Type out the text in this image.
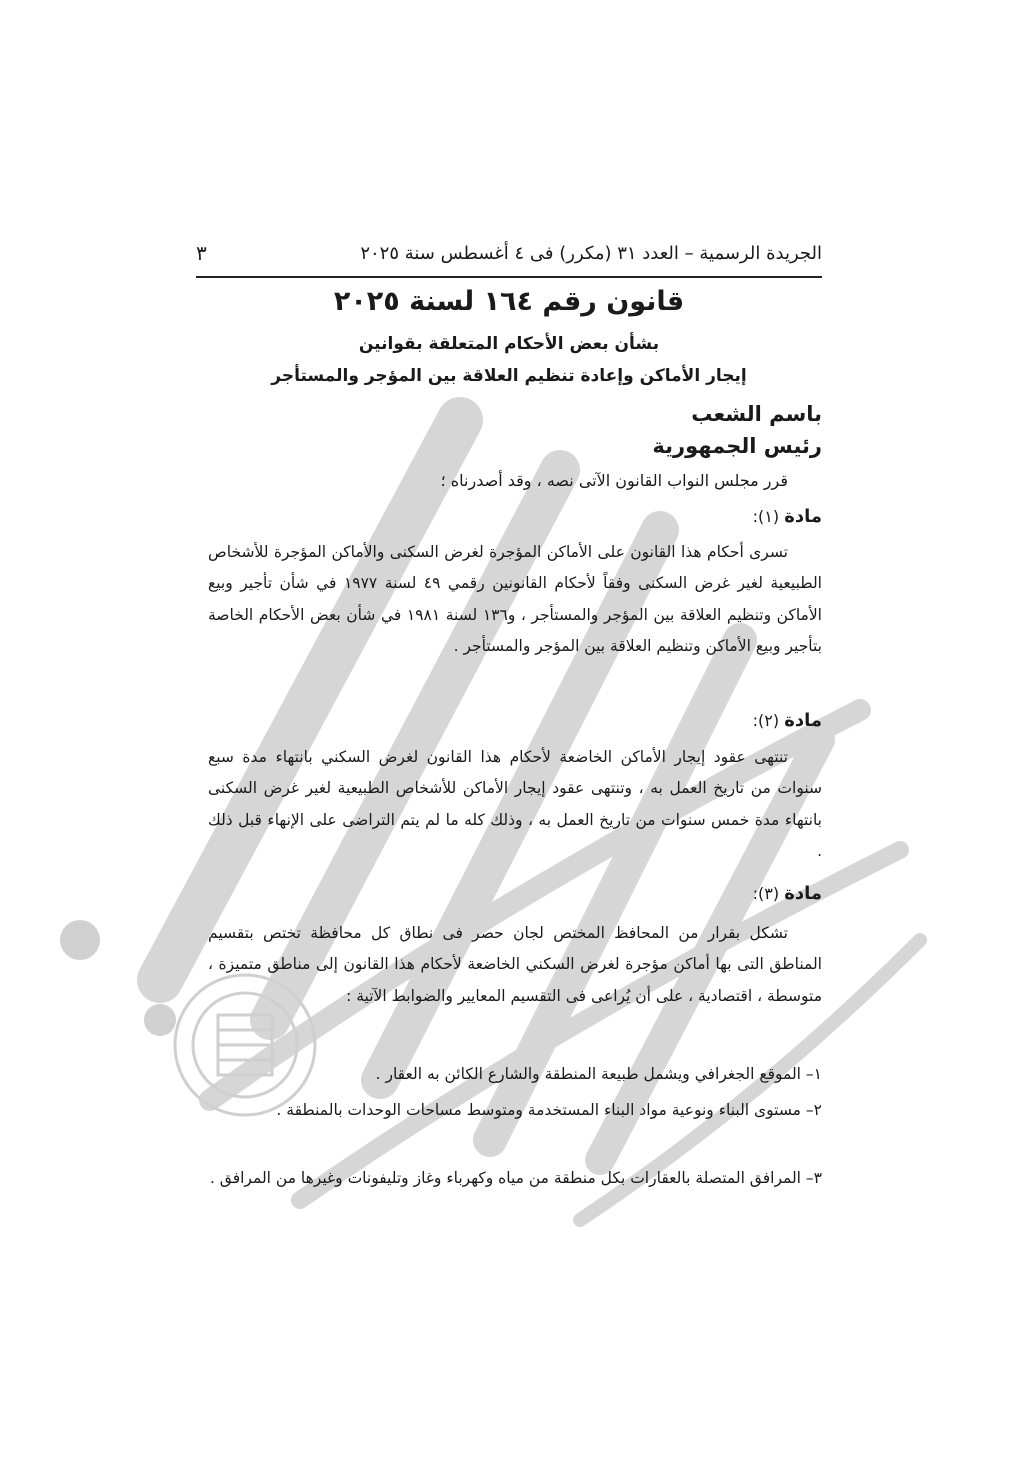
الجريدة الرسمية – العدد ٣١ (مكرر) فى ٤ أغسطس سنة ٢٠٢٥
٣
قانون رقم ١٦٤ لسنة ٢٠٢٥
بشأن بعض الأحكام المتعلقة بقوانين
إيجار الأماكن وإعادة تنظيم العلاقة بين المؤجر والمستأجر
باسم الشعب
رئيس الجمهورية
قرر مجلس النواب القانون الآتى نصه ، وقد أصدرناه ؛
مادة (١):
تسرى أحكام هذا القانون على الأماكن المؤجرة لغرض السكنى والأماكن المؤجرة للأشخاص الطبيعية لغير غرض السكنى وفقاً لأحكام القانونين رقمي ٤٩ لسنة ١٩٧٧ في شأن تأجير وبيع الأماكن وتنظيم العلاقة بين المؤجر والمستأجر ، و١٣٦ لسنة ١٩٨١ في شأن بعض الأحكام الخاصة بتأجير وبيع الأماكن وتنظيم العلاقة بين المؤجر والمستأجر .
مادة (٢):
تنتهى عقود إيجار الأماكن الخاضعة لأحكام هذا القانون لغرض السكني بانتهاء مدة سبع سنوات من تاريخ العمل به ، وتنتهى عقود إيجار الأماكن للأشخاص الطبيعية لغير غرض السكنى بانتهاء مدة خمس سنوات من تاريخ العمل به ، وذلك كله ما لم يتم التراضى على الإنهاء قبل ذلك .
مادة (٣):
تشكل بقرار من المحافظ المختص لجان حصر فى نطاق كل محافظة تختص بتقسيم المناطق التى بها أماكن مؤجرة لغرض السكني الخاضعة لأحكام هذا القانون إلى مناطق متميزة ، متوسطة ، اقتصادية ، على أن يُراعى فى التقسيم المعايير والضوابط الآتية :
١– الموقع الجغرافي ويشمل طبيعة المنطقة والشارع الكائن به العقار .
٢– مستوى البناء ونوعية مواد البناء المستخدمة ومتوسط مساحات الوحدات بالمنطقة .
٣– المرافق المتصلة بالعقارات بكل منطقة من مياه وكهرباء وغاز وتليفونات وغيرها من المرافق .
